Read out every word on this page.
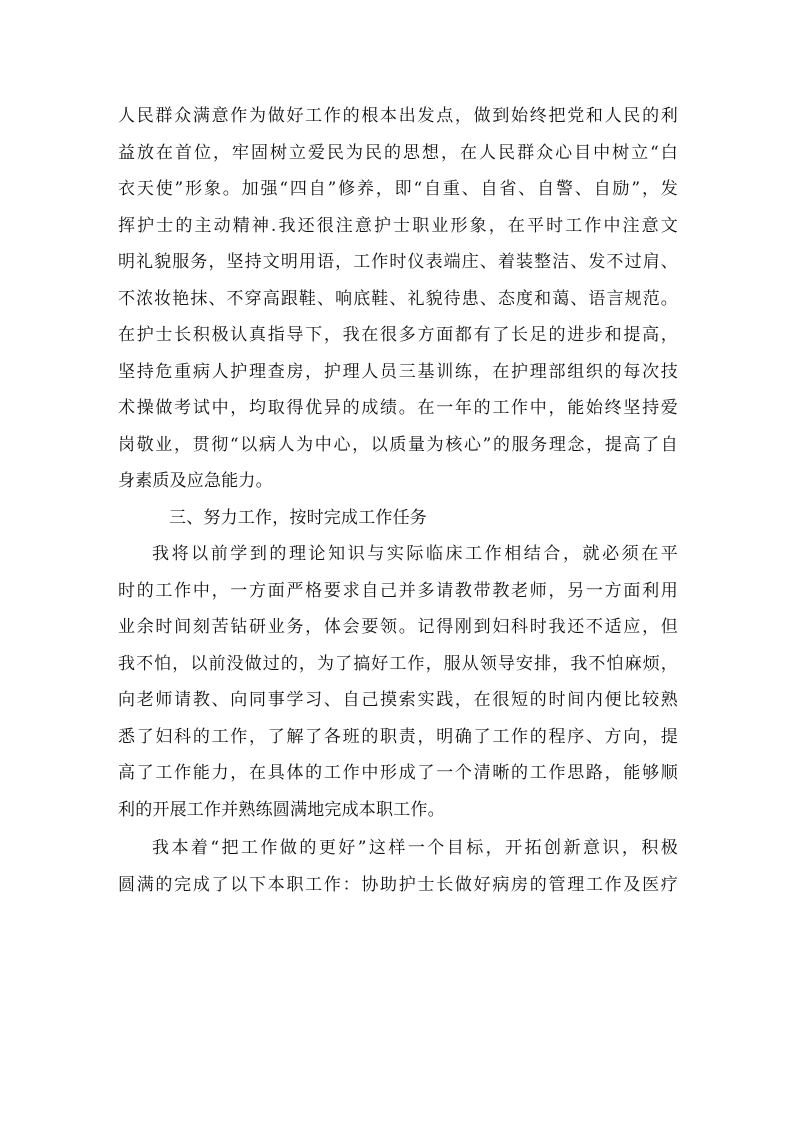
人民群众满意作为做好工作的根本出发点，做到始终把党和人民的利
益放在首位，牢固树立爱民为民的思想，在人民群众心目中树立“白
衣天使”形象。加强“四自”修养，即“自重、自省、自警、自励”，发
挥护士的主动精神.我还很注意护士职业形象，在平时工作中注意文
明礼貌服务，坚持文明用语，工作时仪表端庄、着装整洁、发不过肩、
不浓妆艳抹、不穿高跟鞋、响底鞋、礼貌待患、态度和蔼、语言规范。
在护士长积极认真指导下，我在很多方面都有了长足的进步和提高，
坚持危重病人护理查房，护理人员三基训练，在护理部组织的每次技
术操做考试中，均取得优异的成绩。在一年的工作中，能始终坚持爱
岗敬业，贯彻“以病人为中心，以质量为核心”的服务理念，提高了自
身素质及应急能力。
三、努力工作，按时完成工作任务
我将以前学到的理论知识与实际临床工作相结合，就必须在平
时的工作中，一方面严格要求自己并多请教带教老师，另一方面利用
业余时间刻苦钻研业务，体会要领。记得刚到妇科时我还不适应，但
我不怕，以前没做过的，为了搞好工作，服从领导安排，我不怕麻烦，
向老师请教、向同事学习、自己摸索实践，在很短的时间内便比较熟
悉了妇科的工作，了解了各班的职责，明确了工作的程序、方向，提
高了工作能力，在具体的工作中形成了一个清晰的工作思路，能够顺
利的开展工作并熟练圆满地完成本职工作。
我本着“把工作做的更好”这样一个目标，开拓创新意识，积极
圆满的完成了以下本职工作：协助护士长做好病房的管理工作及医疗
